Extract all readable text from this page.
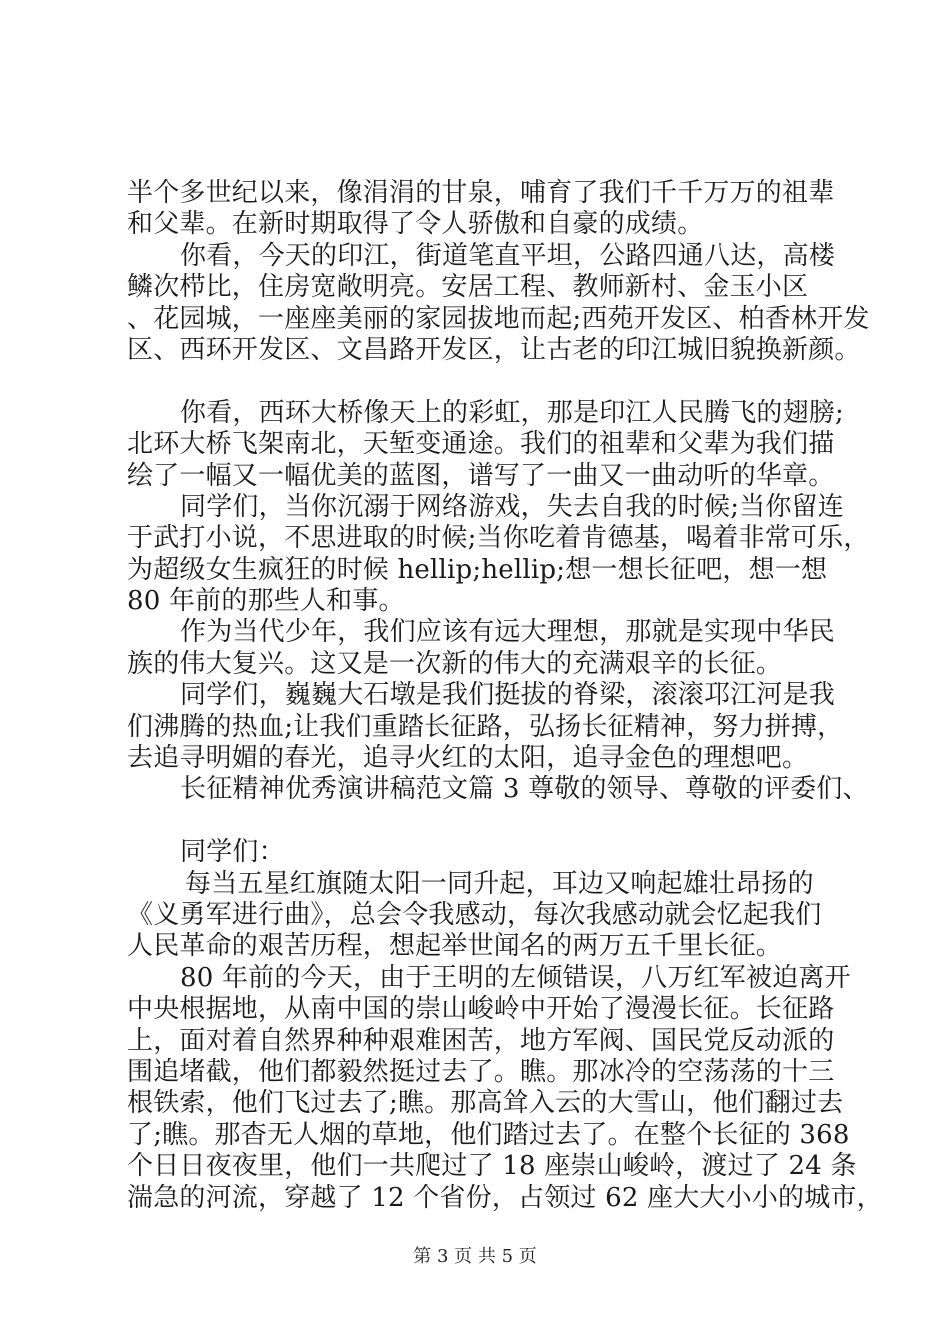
半个多世纪以来，像涓涓的甘泉，哺育了我们千千万万的祖辈
和父辈。在新时期取得了令人骄傲和自豪的成绩。
你看，今天的印江，街道笔直平坦，公路四通八达，高楼
鳞次栉比，住房宽敞明亮。安居工程、教师新村、金玉小区
、花园城，一座座美丽的家园拔地而起;西苑开发区、柏香林开发
区、西环开发区、文昌路开发区，让古老的印江城旧貌换新颜。
你看，西环大桥像天上的彩虹，那是印江人民腾飞的翅膀;
北环大桥飞架南北，天堑变通途。我们的祖辈和父辈为我们描
绘了一幅又一幅优美的蓝图，谱写了一曲又一曲动听的华章。
同学们，当你沉溺于网络游戏，失去自我的时候;当你留连
于武打小说，不思进取的时候;当你吃着肯德基，喝着非常可乐，
为超级女生疯狂的时候 hellip;hellip;想一想长征吧，想一想
80 年前的那些人和事。
作为当代少年，我们应该有远大理想，那就是实现中华民
族的伟大复兴。这又是一次新的伟大的充满艰辛的长征。
同学们，巍巍大石墩是我们挺拔的脊梁，滚滚邛江河是我
们沸腾的热血;让我们重踏长征路，弘扬长征精神，努力拼搏，
去追寻明媚的春光，追寻火红的太阳，追寻金色的理想吧。
长征精神优秀演讲稿范文篇 3 尊敬的领导、尊敬的评委们、
同学们：
每当五星红旗随太阳一同升起，耳边又响起雄壮昂扬的
《义勇军进行曲》，总会令我感动，每次我感动就会忆起我们
人民革命的艰苦历程，想起举世闻名的两万五千里长征。
80 年前的今天，由于王明的左倾错误，八万红军被迫离开
中央根据地，从南中国的崇山峻岭中开始了漫漫长征。长征路
上，面对着自然界种种艰难困苦，地方军阀、国民党反动派的
围追堵截，他们都毅然挺过去了。瞧。那冰冷的空荡荡的十三
根铁索，他们飞过去了;瞧。那高耸入云的大雪山，他们翻过去
了;瞧。那杳无人烟的草地，他们踏过去了。在整个长征的 368
个日日夜夜里，他们一共爬过了 18 座崇山峻岭，渡过了 24 条
湍急的河流，穿越了 12 个省份，占领过 62 座大大小小的城市，
第 3 页 共 5 页
